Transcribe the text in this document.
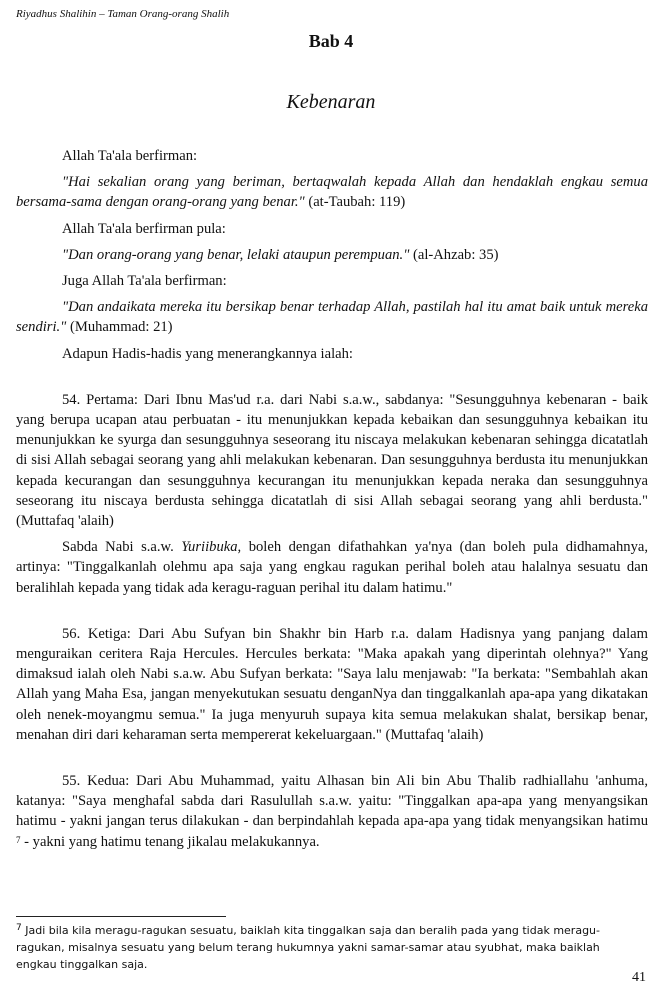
Riyadhus Shalihin – Taman Orang-orang Shalih
Bab 4
Kebenaran

Allah Ta'ala berfirman:

"Hai sekalian orang yang beriman, bertaqwalah kepada Allah dan hendaklah engkau semua bersama-sama dengan orang-orang yang benar." (at-Taubah: 119)

Allah Ta'ala berfirman pula:

"Dan orang-orang yang benar, lelaki ataupun perempuan." (al-Ahzab: 35)

Juga Allah Ta'ala berfirman:

"Dan andaikata mereka itu bersikap benar terhadap Allah, pastilah hal itu amat baik untuk mereka sendiri." (Muhammad: 21)

Adapun Hadis-hadis yang menerangkannya ialah:

54. Pertama: Dari Ibnu Mas'ud r.a. dari Nabi s.a.w., sabdanya: "Sesungguhnya kebenaran - baik yang berupa ucapan atau perbuatan - itu menunjukkan kepada kebaikan dan sesungguhnya kebaikan itu menunjukkan ke syurga dan sesungguhnya seseorang itu niscaya melakukan kebenaran sehingga dicatatlah di sisi Allah sebagai seorang yang ahli melakukan kebenaran. Dan sesungguhnya berdusta itu menunjukkan kepada kecurangan dan sesungguhnya kecurangan itu menunjukkan kepada neraka dan sesungguhnya seseorang itu niscaya berdusta sehingga dicatatlah di sisi Allah sebagai seorang yang ahli berdusta." (Muttafaq 'alaih)

Sabda Nabi s.a.w. Yuriibuka, boleh dengan difathahkan ya'nya (dan boleh pula didhamahnya, artinya: "Tinggalkanlah olehmu apa saja yang engkau ragukan perihal boleh atau halalnya sesuatu dan beralihlah kepada yang tidak ada keragu-raguan perihal itu dalam hatimu."

56. Ketiga: Dari Abu Sufyan bin Shakhr bin Harb r.a. dalam Hadisnya yang panjang dalam menguraikan ceritera Raja Hercules. Hercules berkata: "Maka apakah yang diperintah olehnya?" Yang dimaksud ialah oleh Nabi s.a.w. Abu Sufyan berkata: "Saya lalu menjawab: "Ia berkata: "Sembahlah akan Allah yang Maha Esa, jangan menyekutukan sesuatu denganNya dan tinggalkanlah apa-apa yang dikatakan oleh nenek-moyangmu semua." Ia juga menyuruh supaya kita semua melakukan shalat, bersikap benar, menahan diri dari keharaman serta mempererat kekeluargaan." (Muttafaq 'alaih)

55. Kedua: Dari Abu Muhammad, yaitu Alhasan bin Ali bin Abu Thalib radhiallahu 'anhuma, katanya: "Saya menghafal sabda dari Rasulullah s.a.w. yaitu: "Tinggalkan apa-apa yang menyangsikan hatimu - yakni jangan terus dilakukan - dan berpindahlah kepada apa-apa yang tidak menyangsikan hatimu $^7$ - yakni yang hatimu tenang jikalau melakukannya.

$^7$ Jadi bila kila meragu-ragukan sesuatu, baiklah kita tinggalkan saja dan beralih pada yang tidak meragu-ragukan, misalnya sesuatu yang belum terang hukumnya yakni samar-samar atau syubhat, maka baiklah engkau tinggalkan saja.
41
